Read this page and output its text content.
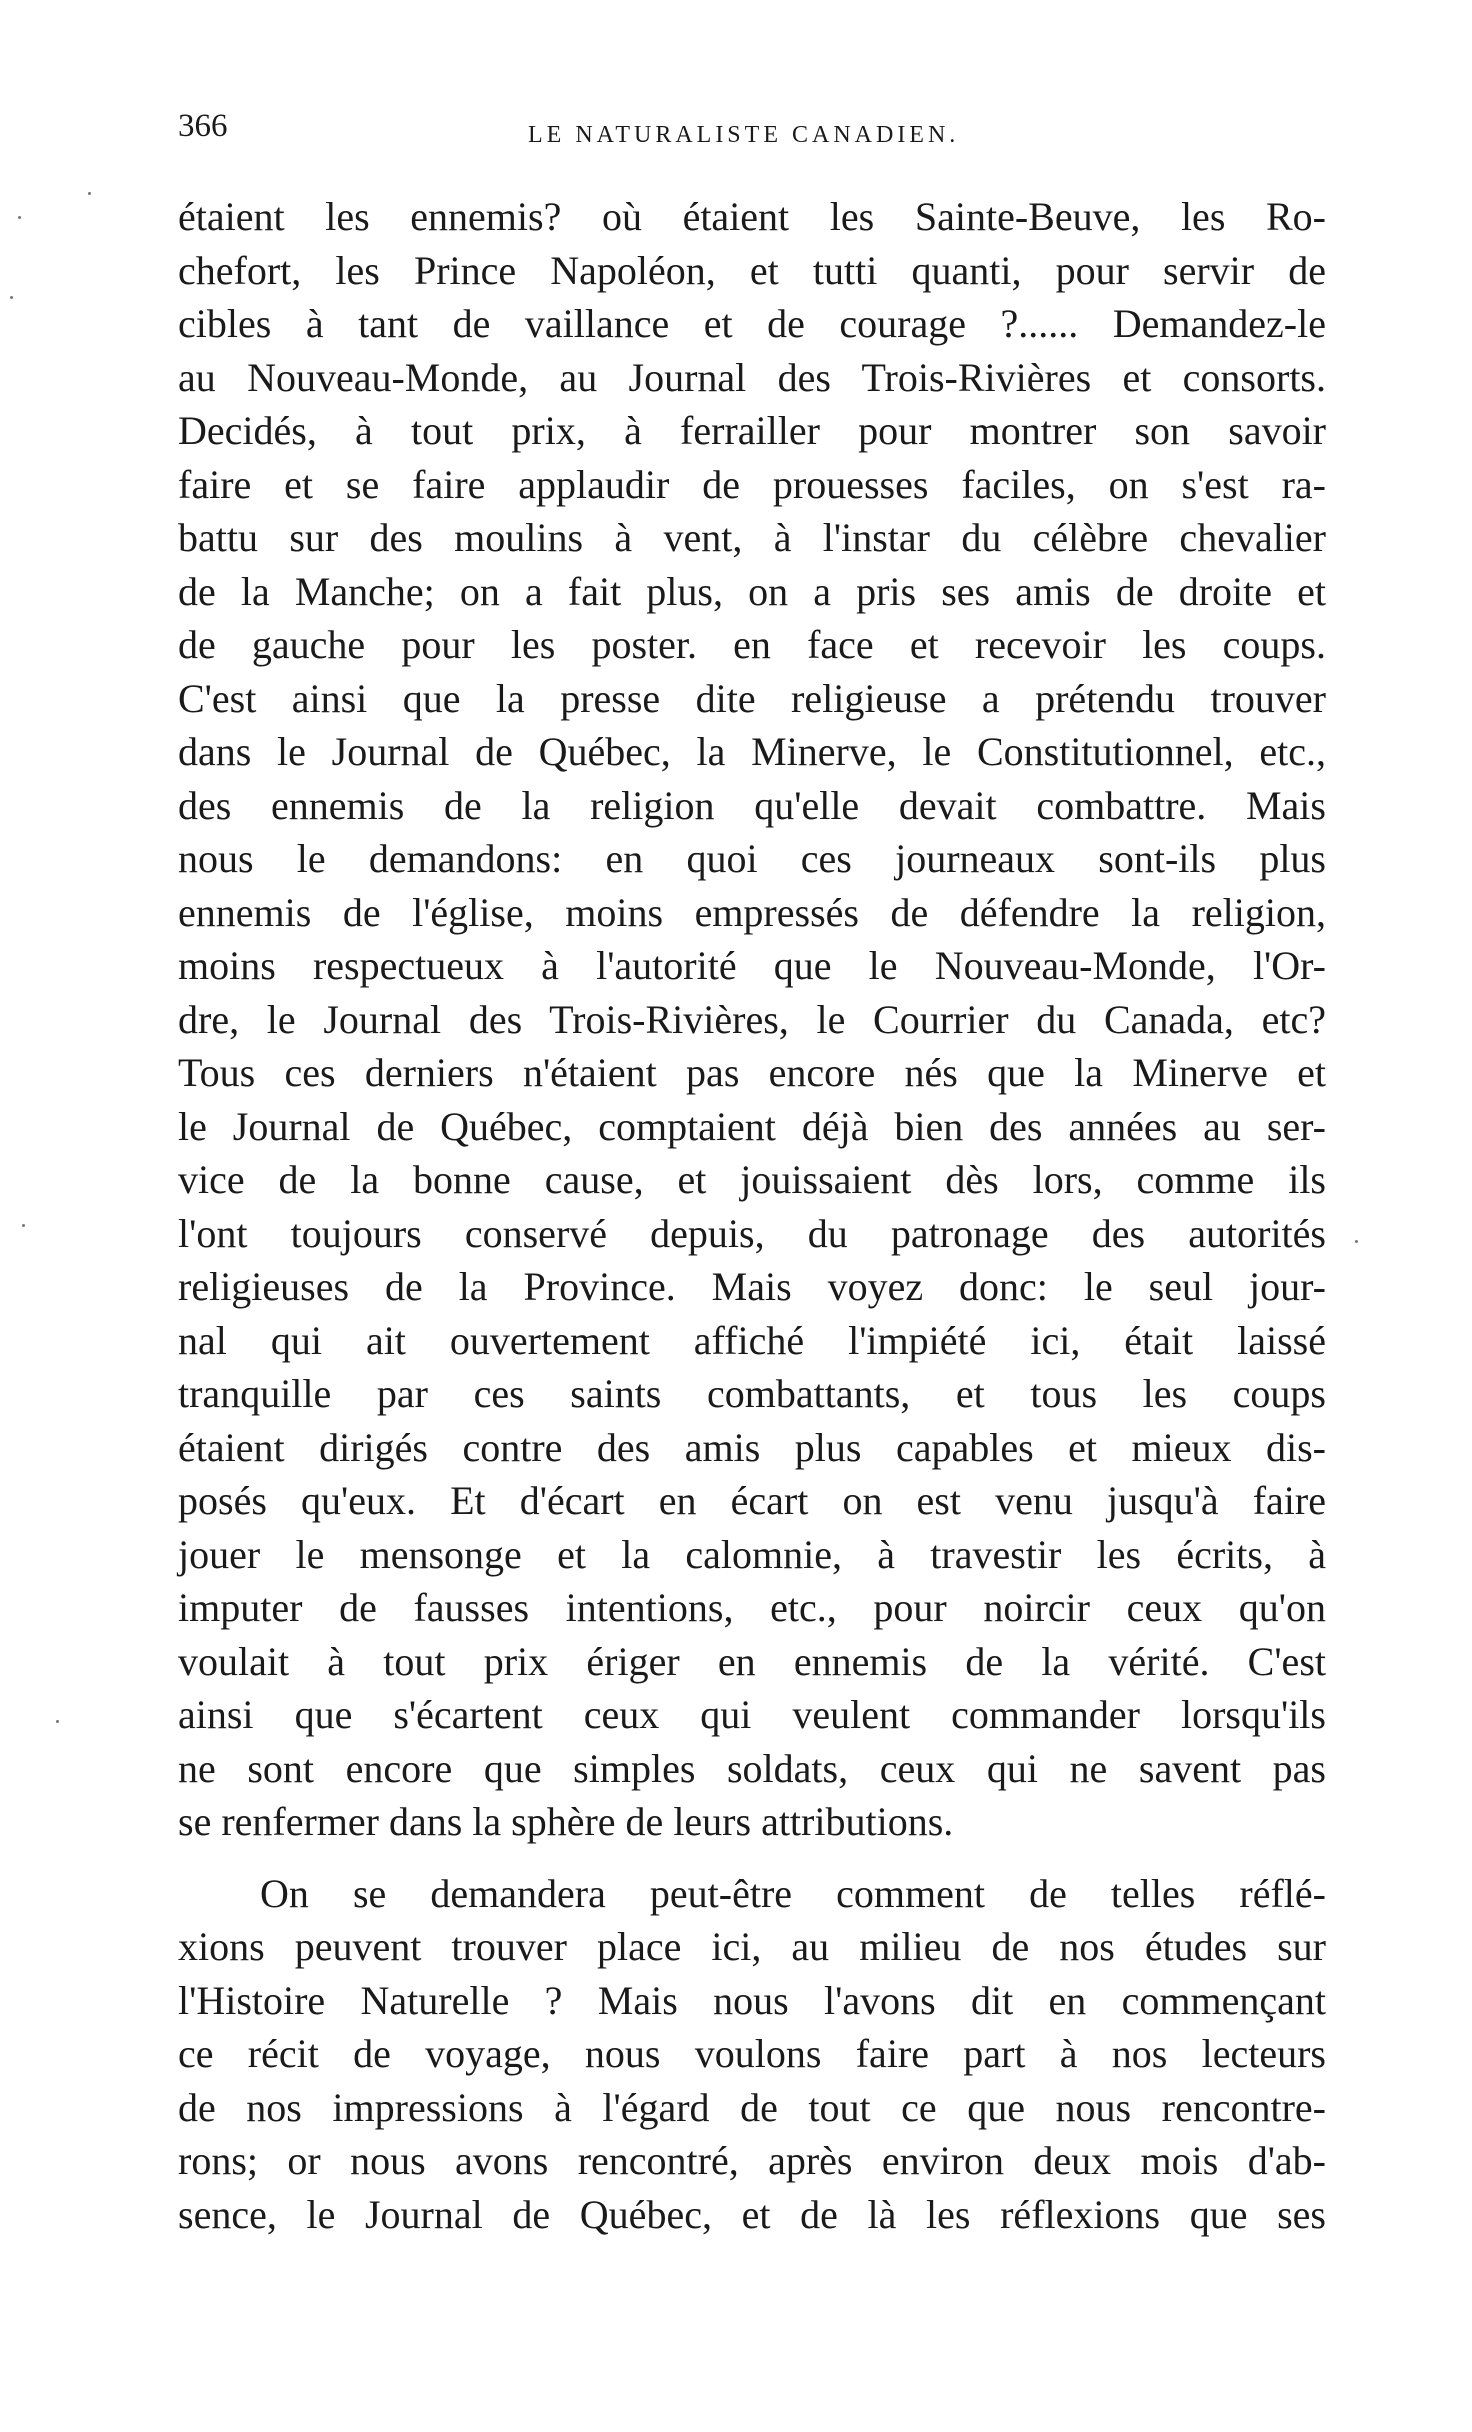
366	LE NATURALISTE CANADIEN.
étaient les ennemis? où étaient les Sainte-Beuve, les Ro-
chefort, les Prince Napoléon, et tutti quanti, pour servir de
cibles à tant de vaillance et de courage ?...... Demandez-le
au Nouveau-Monde, au Journal des Trois-Rivières et consorts.
Decidés, à tout prix, à ferrailler pour montrer son savoir
faire et se faire applaudir de prouesses faciles, on s'est ra-
battu sur des moulins à vent, à l'instar du célèbre chevalier
de la Manche; on a fait plus, on a pris ses amis de droite et
de gauche pour les poster. en face et recevoir les coups.
C'est ainsi que la presse dite religieuse a prétendu trouver
dans le Journal de Québec, la Minerve, le Constitutionnel, etc.,
des ennemis de la religion qu'elle devait combattre. Mais
nous le demandons: en quoi ces journeaux sont-ils plus
ennemis de l'église, moins empressés de défendre la religion,
moins respectueux à l'autorité que le Nouveau-Monde, l'Or-
dre, le Journal des Trois-Rivières, le Courrier du Canada, etc?
Tous ces derniers n'étaient pas encore nés que la Minerve et
le Journal de Québec, comptaient déjà bien des années au ser-
vice de la bonne cause, et jouissaient dès lors, comme ils
l'ont toujours conservé depuis, du patronage des autorités
religieuses de la Province. Mais voyez donc: le seul jour-
nal qui ait ouvertement affiché l'impiété ici, était laissé
tranquille par ces saints combattants, et tous les coups
étaient dirigés contre des amis plus capables et mieux dis-
posés qu'eux. Et d'écart en écart on est venu jusqu'à faire
jouer le mensonge et la calomnie, à travestir les écrits, à
imputer de fausses intentions, etc., pour noircir ceux qu'on
voulait à tout prix ériger en ennemis de la vérité. C'est
ainsi que s'écartent ceux qui veulent commander lorsqu'ils
ne sont encore que simples soldats, ceux qui ne savent pas
se renfermer dans la sphère de leurs attributions.
On se demandera peut-être comment de telles réflé-
xions peuvent trouver place ici, au milieu de nos études sur
l'Histoire Naturelle ? Mais nous l'avons dit en commençant
ce récit de voyage, nous voulons faire part à nos lecteurs
de nos impressions à l'égard de tout ce que nous rencontre-
rons; or nous avons rencontré, après environ deux mois d'ab-
sence, le Journal de Québec, et de là les réflexions que ses
